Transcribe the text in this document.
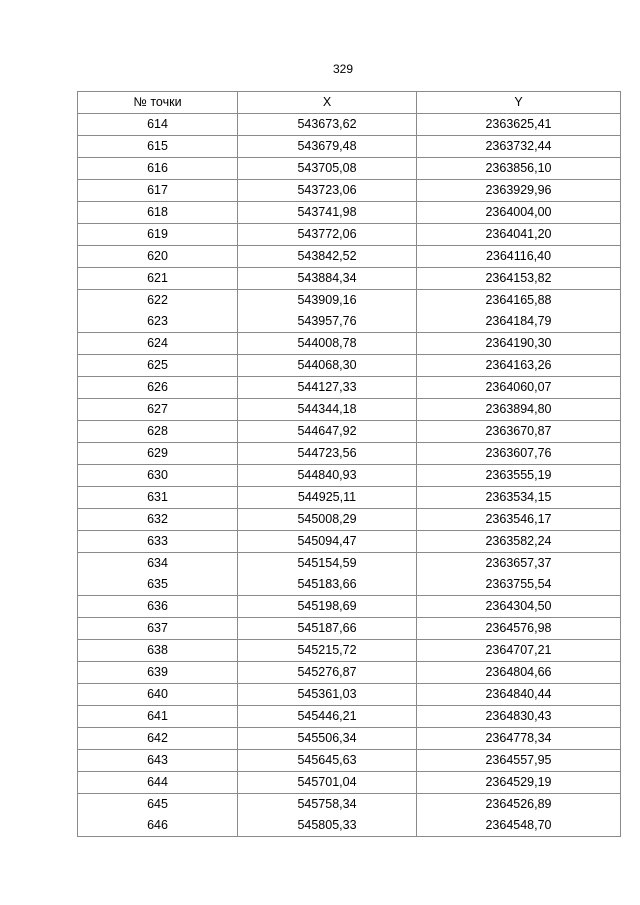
329
№ точки	X	Y
614	543673,62	2363625,41
615	543679,48	2363732,44
616	543705,08	2363856,10
617	543723,06	2363929,96
618	543741,98	2364004,00
619	543772,06	2364041,20
620	543842,52	2364116,40
621	543884,34	2364153,82
622	543909,16	2364165,88
623	543957,76	2364184,79
624	544008,78	2364190,30
625	544068,30	2364163,26
626	544127,33	2364060,07
627	544344,18	2363894,80
628	544647,92	2363670,87
629	544723,56	2363607,76
630	544840,93	2363555,19
631	544925,11	2363534,15
632	545008,29	2363546,17
633	545094,47	2363582,24
634	545154,59	2363657,37
635	545183,66	2363755,54
636	545198,69	2364304,50
637	545187,66	2364576,98
638	545215,72	2364707,21
639	545276,87	2364804,66
640	545361,03	2364840,44
641	545446,21	2364830,43
642	545506,34	2364778,34
643	545645,63	2364557,95
644	545701,04	2364529,19
645	545758,34	2364526,89
646	545805,33	2364548,70
